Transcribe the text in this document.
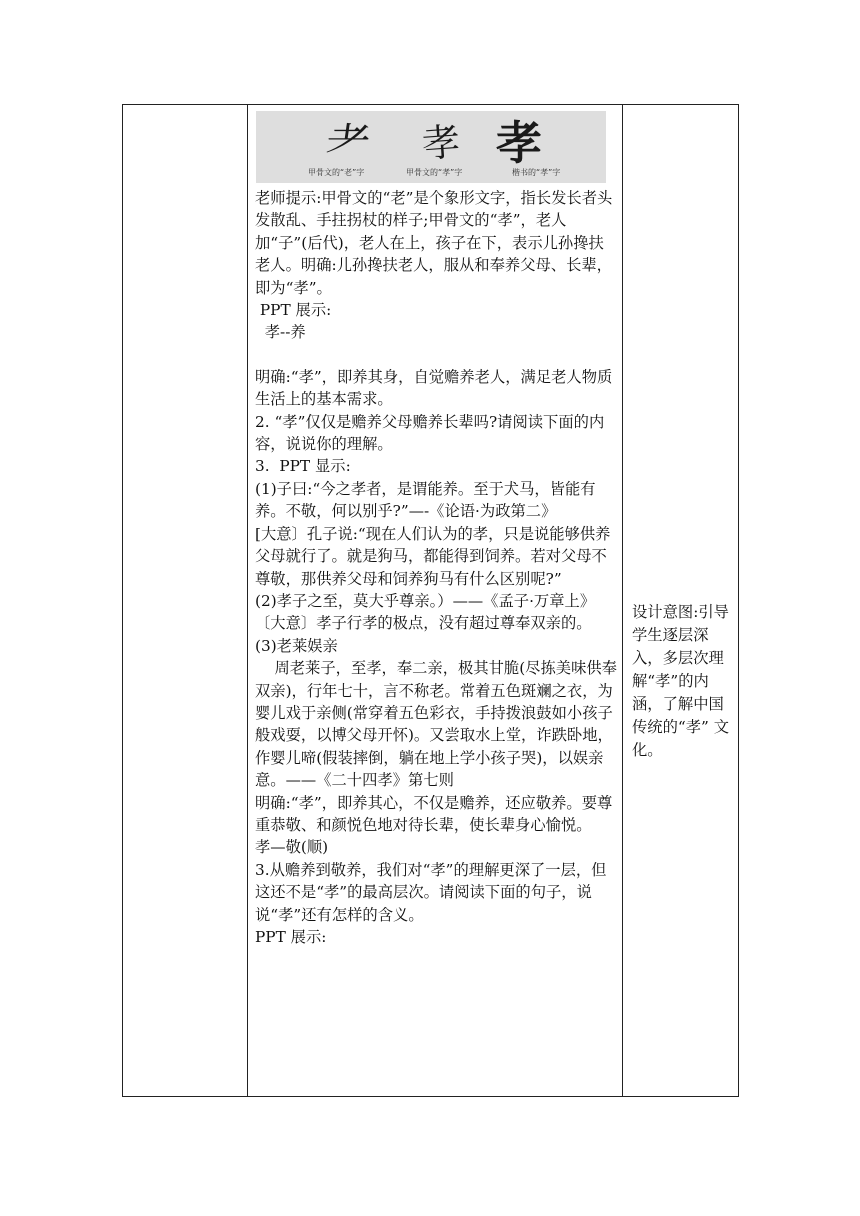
耂 孝 孝
甲骨文的“老”字	甲骨文的“孝”字	楷书的“孝”字

老师提示:甲骨文的“老”是个象形文字，指长发长者头发散乱、手拄拐杖的样子;甲骨文的“孝”，老人加“子”(后代)，老人在上，孩子在下，表示儿孙搀扶老人。明确:儿孙搀扶老人，服从和奉养父母、长辈，即为“孝”。

PPT 展示:

孝--养

明确:“孝”，即养其身，自觉赡养老人，满足老人物质生活上的基本需求。

2. “孝”仅仅是赡养父母赡养长辈吗?请阅读下面的内容，说说你的理解。

3.  PPT 显示:

(1)子曰:“今之孝者，是谓能养。至于犬马，皆能有养。不敬，何以别乎?”—-《论语·为政第二》

[大意〕孔子说:“现在人们认为的孝，只是说能够供养父母就行了。就是狗马，都能得到饲养。若对父母不尊敬，那供养父母和饲养狗马有什么区别呢?”

(2)孝子之至，莫大乎尊亲。）——《孟子·万章上》

〔大意〕孝子行孝的极点，没有超过尊奉双亲的。

(3)老莱娱亲

周老莱子，至孝，奉二亲，极其甘脆(尽拣美味供奉双亲)，行年七十，言不称老。常着五色斑斓之衣，为婴儿戏于亲侧(常穿着五色彩衣，手持拨浪鼓如小孩子般戏耍，以博父母开怀)。又尝取水上堂，诈跌卧地，作婴儿啼(假装摔倒，躺在地上学小孩子哭)，以娱亲意。——《二十四孝》第七则

明确:“孝”，即养其心，不仅是赡养，还应敬养。要尊重恭敬、和颜悦色地对待长辈，使长辈身心愉悦。

孝—敬(顺)

3.从赡养到敬养，我们对“孝”的理解更深了一层，但这还不是“孝”的最高层次。请阅读下面的句子，说说“孝”还有怎样的含义。

PPT 展示:

设计意图:引导学生逐层深入，多层次理解“孝”的内涵，了解中国传统的“孝” 文化。
